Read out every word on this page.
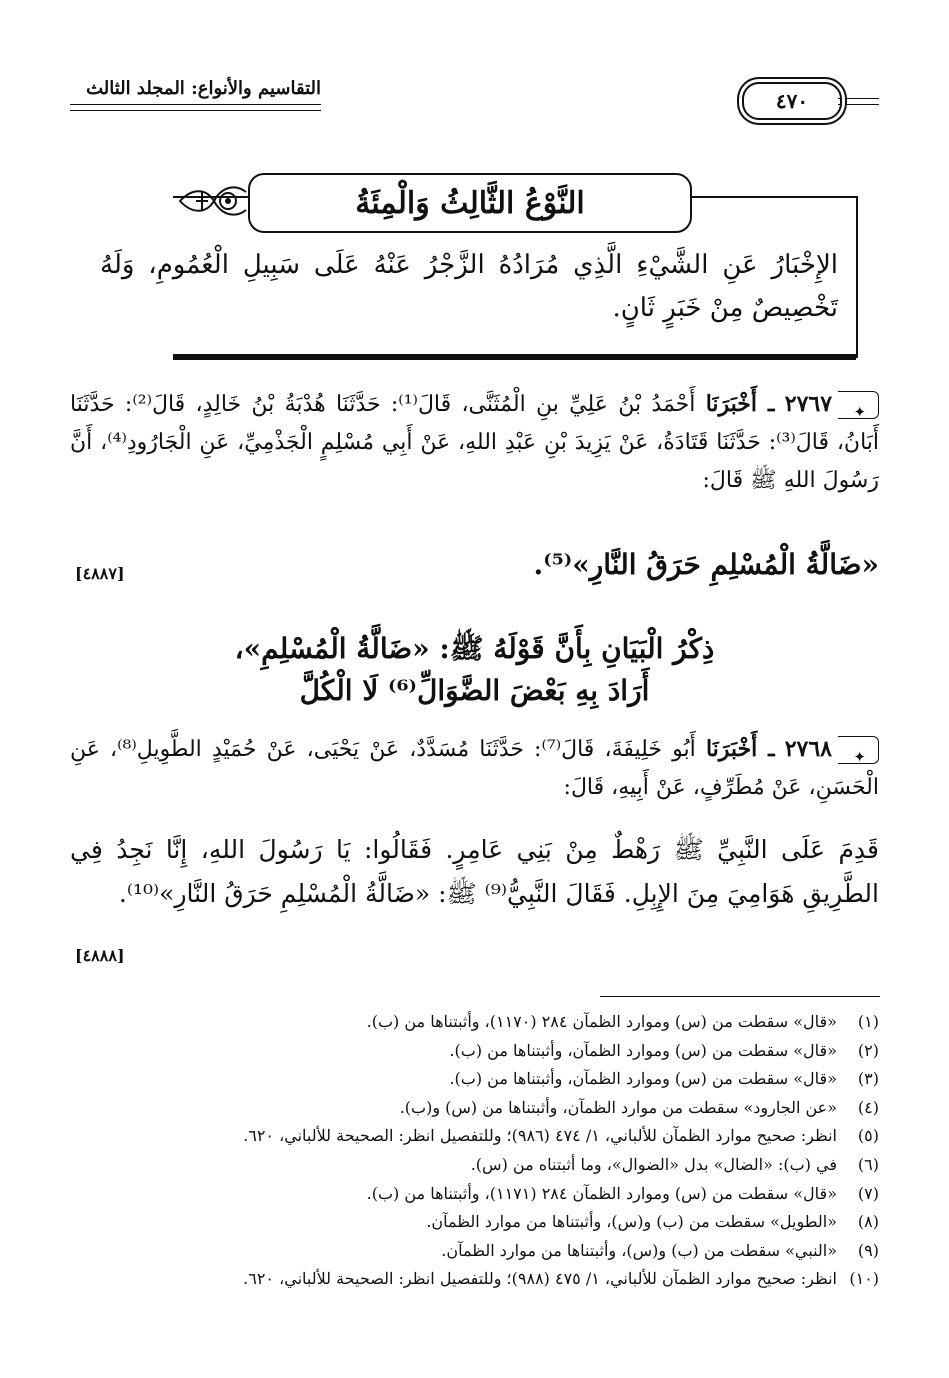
التقاسيم والأنواع: المجلد الثالث
٤٧٠
النَّوْعُ الثَّالِثُ وَالْمِئَةُ
الإِخْبَارُ عَنِ الشَّيْءِ الَّذِي مُرَادُهُ الزَّجْرُ عَنْهُ عَلَى سَبِيلِ الْعُمُومِ، وَلَهُ تَخْصِيصٌ مِنْ خَبَرٍ ثَانٍ.
✦٢٧٦٧ ـ أَخْبَرَنَا أَحْمَدُ بْنُ عَلِيِّ بنِ الْمُثَنَّى، قَالَ⁽¹⁾: حَدَّثَنَا هُدْبَةُ بْنُ خَالِدٍ، قَالَ⁽²⁾: حَدَّثَنَا أَبَانُ، قَالَ⁽³⁾: حَدَّثَنَا قَتَادَةُ، عَنْ يَزِيدَ بْنِ عَبْدِ اللهِ، عَنْ أَبِي مُسْلِمٍ الْجَذْمِيِّ، عَنِ الْجَارُودِ⁽⁴⁾، أَنَّ رَسُولَ اللهِ ﷺ قَالَ:
«ضَالَّةُ الْمُسْلِمِ حَرَقُ النَّارِ»⁽⁵⁾.
[٤٨٨٧]
ذِكْرُ الْبَيَانِ بِأَنَّ قَوْلَهُ ﷺ: «ضَالَّةُ الْمُسْلِمِ»،
أَرَادَ بِهِ بَعْضَ الضَّوَالِّ⁽⁶⁾ لَا الْكُلَّ
✦٢٧٦٨ ـ أَخْبَرَنَا أَبُو خَلِيفَةَ، قَالَ⁽⁷⁾: حَدَّثَنَا مُسَدَّدٌ، عَنْ يَحْيَى، عَنْ حُمَيْدٍ الطَّوِيلِ⁽⁸⁾، عَنِ الْحَسَنِ، عَنْ مُطَرِّفٍ، عَنْ أَبِيهِ، قَالَ:
قَدِمَ عَلَى النَّبِيِّ ﷺ رَهْطٌ مِنْ بَنِي عَامِرٍ. فَقَالُوا: يَا رَسُولَ اللهِ، إِنَّا نَجِدُ فِي الطَّرِيقِ هَوَامِيَ مِنَ الإِبِلِ. فَقَالَ النَّبِيُّ⁽⁹⁾ ﷺ: «ضَالَّةُ الْمُسْلِمِ حَرَقُ النَّارِ»⁽¹⁰⁾.
[٤٨٨٨]
(١)
«قال» سقطت من (س) وموارد الظمآن ٢٨٤ (١١٧٠)، وأثبتناها من (ب).
(٢)
«قال» سقطت من (س) وموارد الظمآن، وأثبتناها من (ب).
(٣)
«قال» سقطت من (س) وموارد الظمآن، وأثبتناها من (ب).
(٤)
«عن الجارود» سقطت من موارد الظمآن، وأثبتناها من (س) و(ب).
(٥)
انظر: صحيح موارد الظمآن للألباني، ١/ ٤٧٤ (٩٨٦)؛ وللتفصيل انظر: الصحيحة للألباني، ٦٢٠.
(٦)
في (ب): «الضال» بدل «الضوال»، وما أثبتناه من (س).
(٧)
«قال» سقطت من (س) وموارد الظمآن ٢٨٤ (١١٧١)، وأثبتناها من (ب).
(٨)
«الطويل» سقطت من (ب) و(س)، وأثبتناها من موارد الظمآن.
(٩)
«النبي» سقطت من (ب) و(س)، وأثبتناها من موارد الظمآن.
(١٠)
انظر: صحيح موارد الظمآن للألباني، ١/ ٤٧٥ (٩٨٨)؛ وللتفصيل انظر: الصحيحة للألباني، ٦٢٠.
